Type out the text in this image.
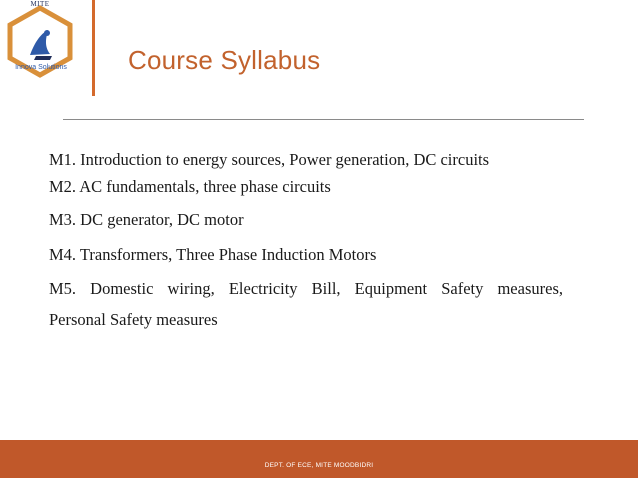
MITE
Innova Solutions	Course Syllabus
M1. Introduction to energy sources, Power generation, DC circuits
M2. AC fundamentals, three phase circuits
M3. DC generator, DC motor
M4. Transformers, Three Phase Induction Motors
M5. Domestic wiring, Electricity Bill, Equipment Safety measures,
Personal Safety measures
DEPT. OF ECE, MITE MOODBIDRI
